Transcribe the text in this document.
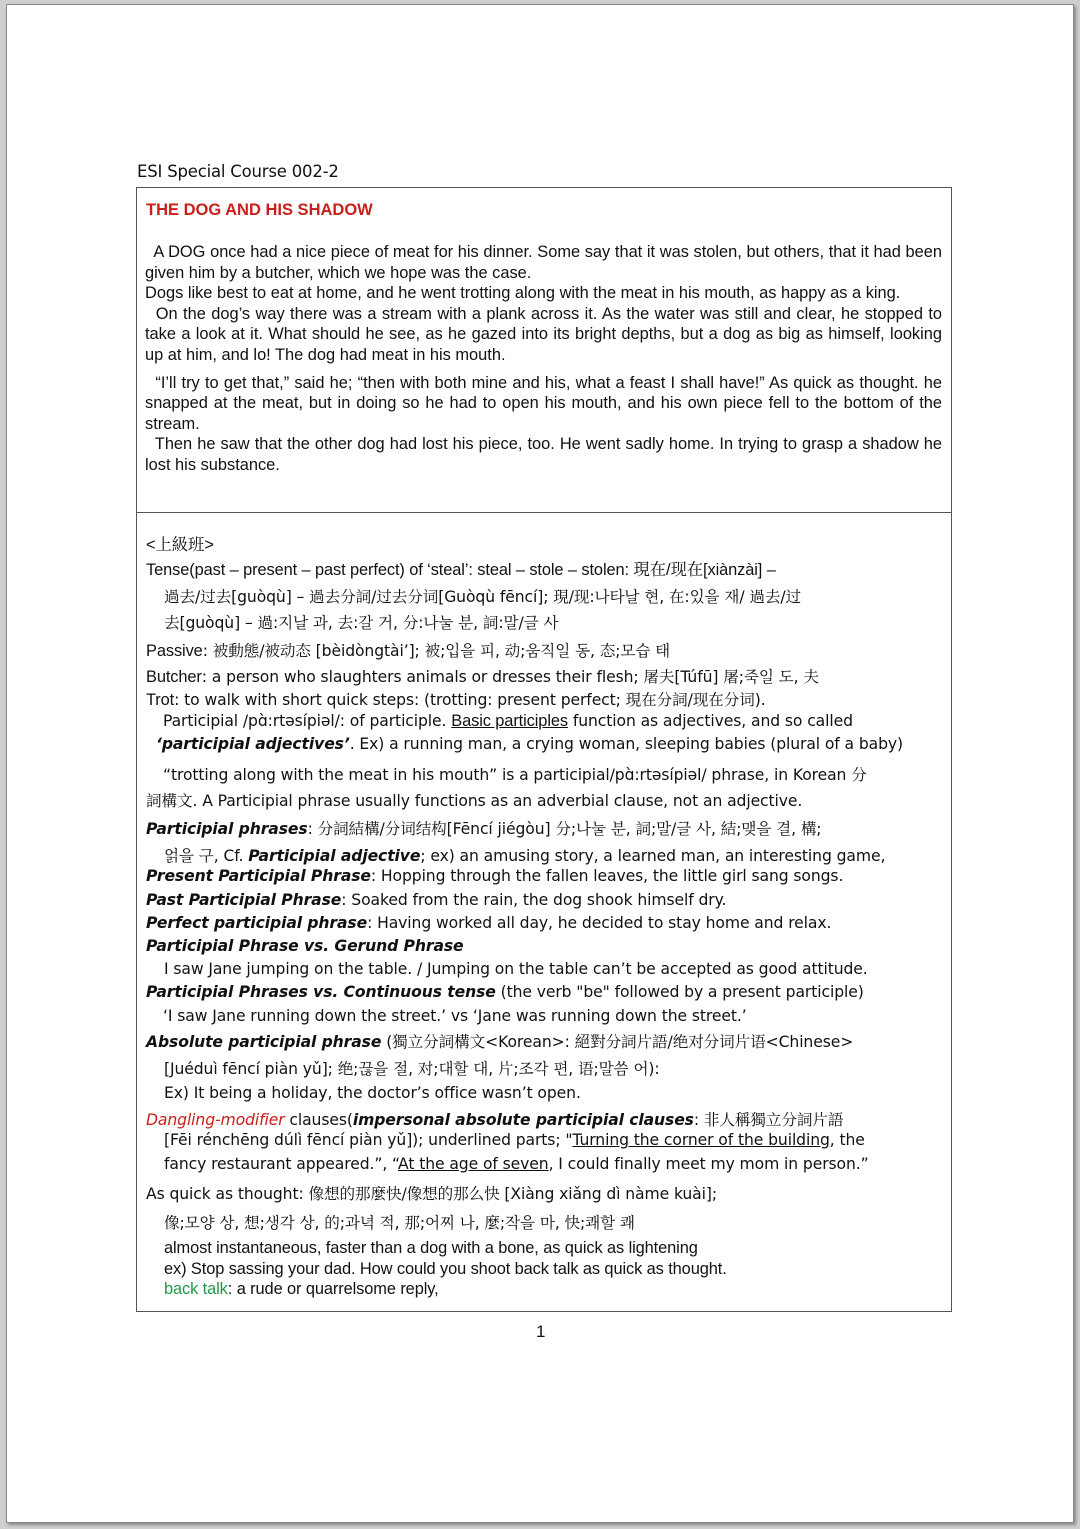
ESI Special Course 002-2
THE DOG AND HIS SHADOW

A DOG once had a nice piece of meat for his dinner. Some say that it was stolen, but others, that it had been given him by a butcher, which we hope was the case.

Dogs like best to eat at home, and he went trotting along with the meat in his mouth, as happy as a king.

On the dog’s way there was a stream with a plank across it. As the water was still and clear, he stopped to take a look at it. What should he see, as he gazed into its bright depths, but a dog as big as himself, looking up at him, and lo! The dog had meat in his mouth.

“I’ll try to get that,” said he; “then with both mine and his, what a feast I shall have!” As quick as thought. he snapped at the meat, but in doing so he had to open his mouth, and his own piece fell to the bottom of the stream.

Then he saw that the other dog had lost his piece, too. He went sadly home. In trying to grasp a shadow he lost his substance.

<上級班>
Tense(past – present – past perfect) of ‘steal’: steal – stole – stolen: 現在/现在[xiànzài] –
過去/过去[guòqù] – 過去分詞/过去分词[Guòqù fēncí]; 現/现:나타날 현, 在:있을 재/ 過去/过
去[guòqù] – 過:지날 과, 去:갈 거, 分:나눌 분, 詞:말/글 사
Passive: 被動態/被动态 [bèidòngtài’]; 被;입을 피, 动;움직일 동, 态;모습 태
Butcher: a person who slaughters animals or dresses their flesh; 屠夫[Túfū] 屠;죽일 도, 夫
Trot: to walk with short quick steps: (trotting: present perfect; 現在分詞/现在分词).
Participial /pɑ̀:rtəsípiəl/: of participle. Basic participles function as adjectives, and so called
‘participial adjectives’. Ex) a running man, a crying woman, sleeping babies (plural of a baby)
“trotting along with the meat in his mouth” is a participial/pɑ̀:rtəsípiəl/ phrase, in Korean 分
詞構文. A Participial phrase usually functions as an adverbial clause, not an adjective.
Participial phrases: 分詞結構/分词结构[Fēncí jiégòu] 分;나눌 분, 詞;말/글 사, 結;맺을 결, 構;
얽을 구, Cf. Participial adjective; ex) an amusing story, a learned man, an interesting game,
Present Participial Phrase: Hopping through the fallen leaves, the little girl sang songs.
Past Participial Phrase: Soaked from the rain, the dog shook himself dry.
Perfect participial phrase: Having worked all day, he decided to stay home and relax.
Participial Phrase vs. Gerund Phrase
I saw Jane jumping on the table. / Jumping on the table can’t be accepted as good attitude.
Participial Phrases vs. Continuous tense (the verb "be" followed by a present participle)
‘I saw Jane running down the street.’ vs ‘Jane was running down the street.’
Absolute participial phrase (獨立分詞構文<Korean>: 絕對分詞片語/绝对分词片语<Chinese>
[Juéduì fēncí piàn yǔ]; 绝;끊을 절, 对;대할 대, 片;조각 편, 语;말씀 어):
Ex) It being a holiday, the doctor’s office wasn’t open.
Dangling-modifier clauses(impersonal absolute participial clauses: 非人稱獨立分詞片語
[Fēi rénchēng dúlì fēncí piàn yǔ]); underlined parts; "Turning the corner of the building, the
fancy restaurant appeared.”, “At the age of seven, I could finally meet my mom in person.”
As quick as thought: 像想的那麼快/像想的那么快 [Xiàng xiǎng dì nàme kuài];
像;모양 상, 想;생각 상, 的;과녁 적, 那;어찌 나, 麼;작을 마, 快;쾌할 쾌
almost instantaneous, faster than a dog with a bone, as quick as lightening
ex) Stop sassing your dad. How could you shoot back talk as quick as thought.
back talk: a rude or quarrelsome reply,
1
